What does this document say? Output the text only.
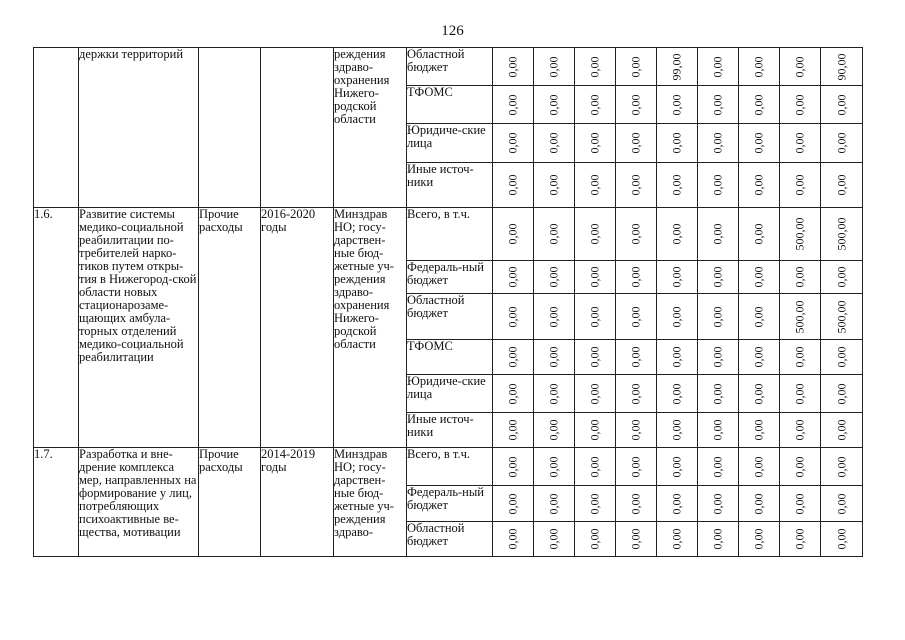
126
	держки территорий			реждения здраво-охранения Нижего-родской области	Областной бюджет	0,00	0,00	0,00	0,00	99,00	0,00	0,00	0,00	90,00

					ТФОМС	0,00	0,00	0,00	0,00	0,00	0,00	0,00	0,00	0,00

					Юридиче-ские лица	0,00	0,00	0,00	0,00	0,00	0,00	0,00	0,00	0,00

					Иные источ-ники	0,00	0,00	0,00	0,00	0,00	0,00	0,00	0,00	0,00

1.6.	Развитие системы медико-социальной реабилитации по-требителей нарко-тиков путем откры-тия в Нижегород-ской области новых стационарозаме-щающих амбула-торных отделений медико-социальной реабилитации	Прочие расходы	2016-2020 годы	Минздрав НО; госу-дарствен-ные бюд-жетные уч-реждения здраво-охранения Нижего-родской области	Всего, в т.ч.	0,00	0,00	0,00	0,00	0,00	0,00	0,00	500,00	500,00

					Федераль-ный бюджет	0,00	0,00	0,00	0,00	0,00	0,00	0,00	0,00	0,00

					Областной бюджет	0,00	0,00	0,00	0,00	0,00	0,00	0,00	500,00	500,00

					ТФОМС	0,00	0,00	0,00	0,00	0,00	0,00	0,00	0,00	0,00

					Юридиче-ские лица	0,00	0,00	0,00	0,00	0,00	0,00	0,00	0,00	0,00

					Иные источ-ники	0,00	0,00	0,00	0,00	0,00	0,00	0,00	0,00	0,00

1.7.	Разработка и вне-дрение комплекса мер, направленных на формирование у лиц, потребляющих психоактивные ве-щества, мотивации	Прочие расходы	2014-2019 годы	Минздрав НО; госу-дарствен-ные бюд-жетные уч-реждения здраво-	Всего, в т.ч.	0,00	0,00	0,00	0,00	0,00	0,00	0,00	0,00	0,00

					Федераль-ный бюджет	0,00	0,00	0,00	0,00	0,00	0,00	0,00	0,00	0,00

					Областной бюджет	0,00	0,00	0,00	0,00	0,00	0,00	0,00	0,00	0,00
